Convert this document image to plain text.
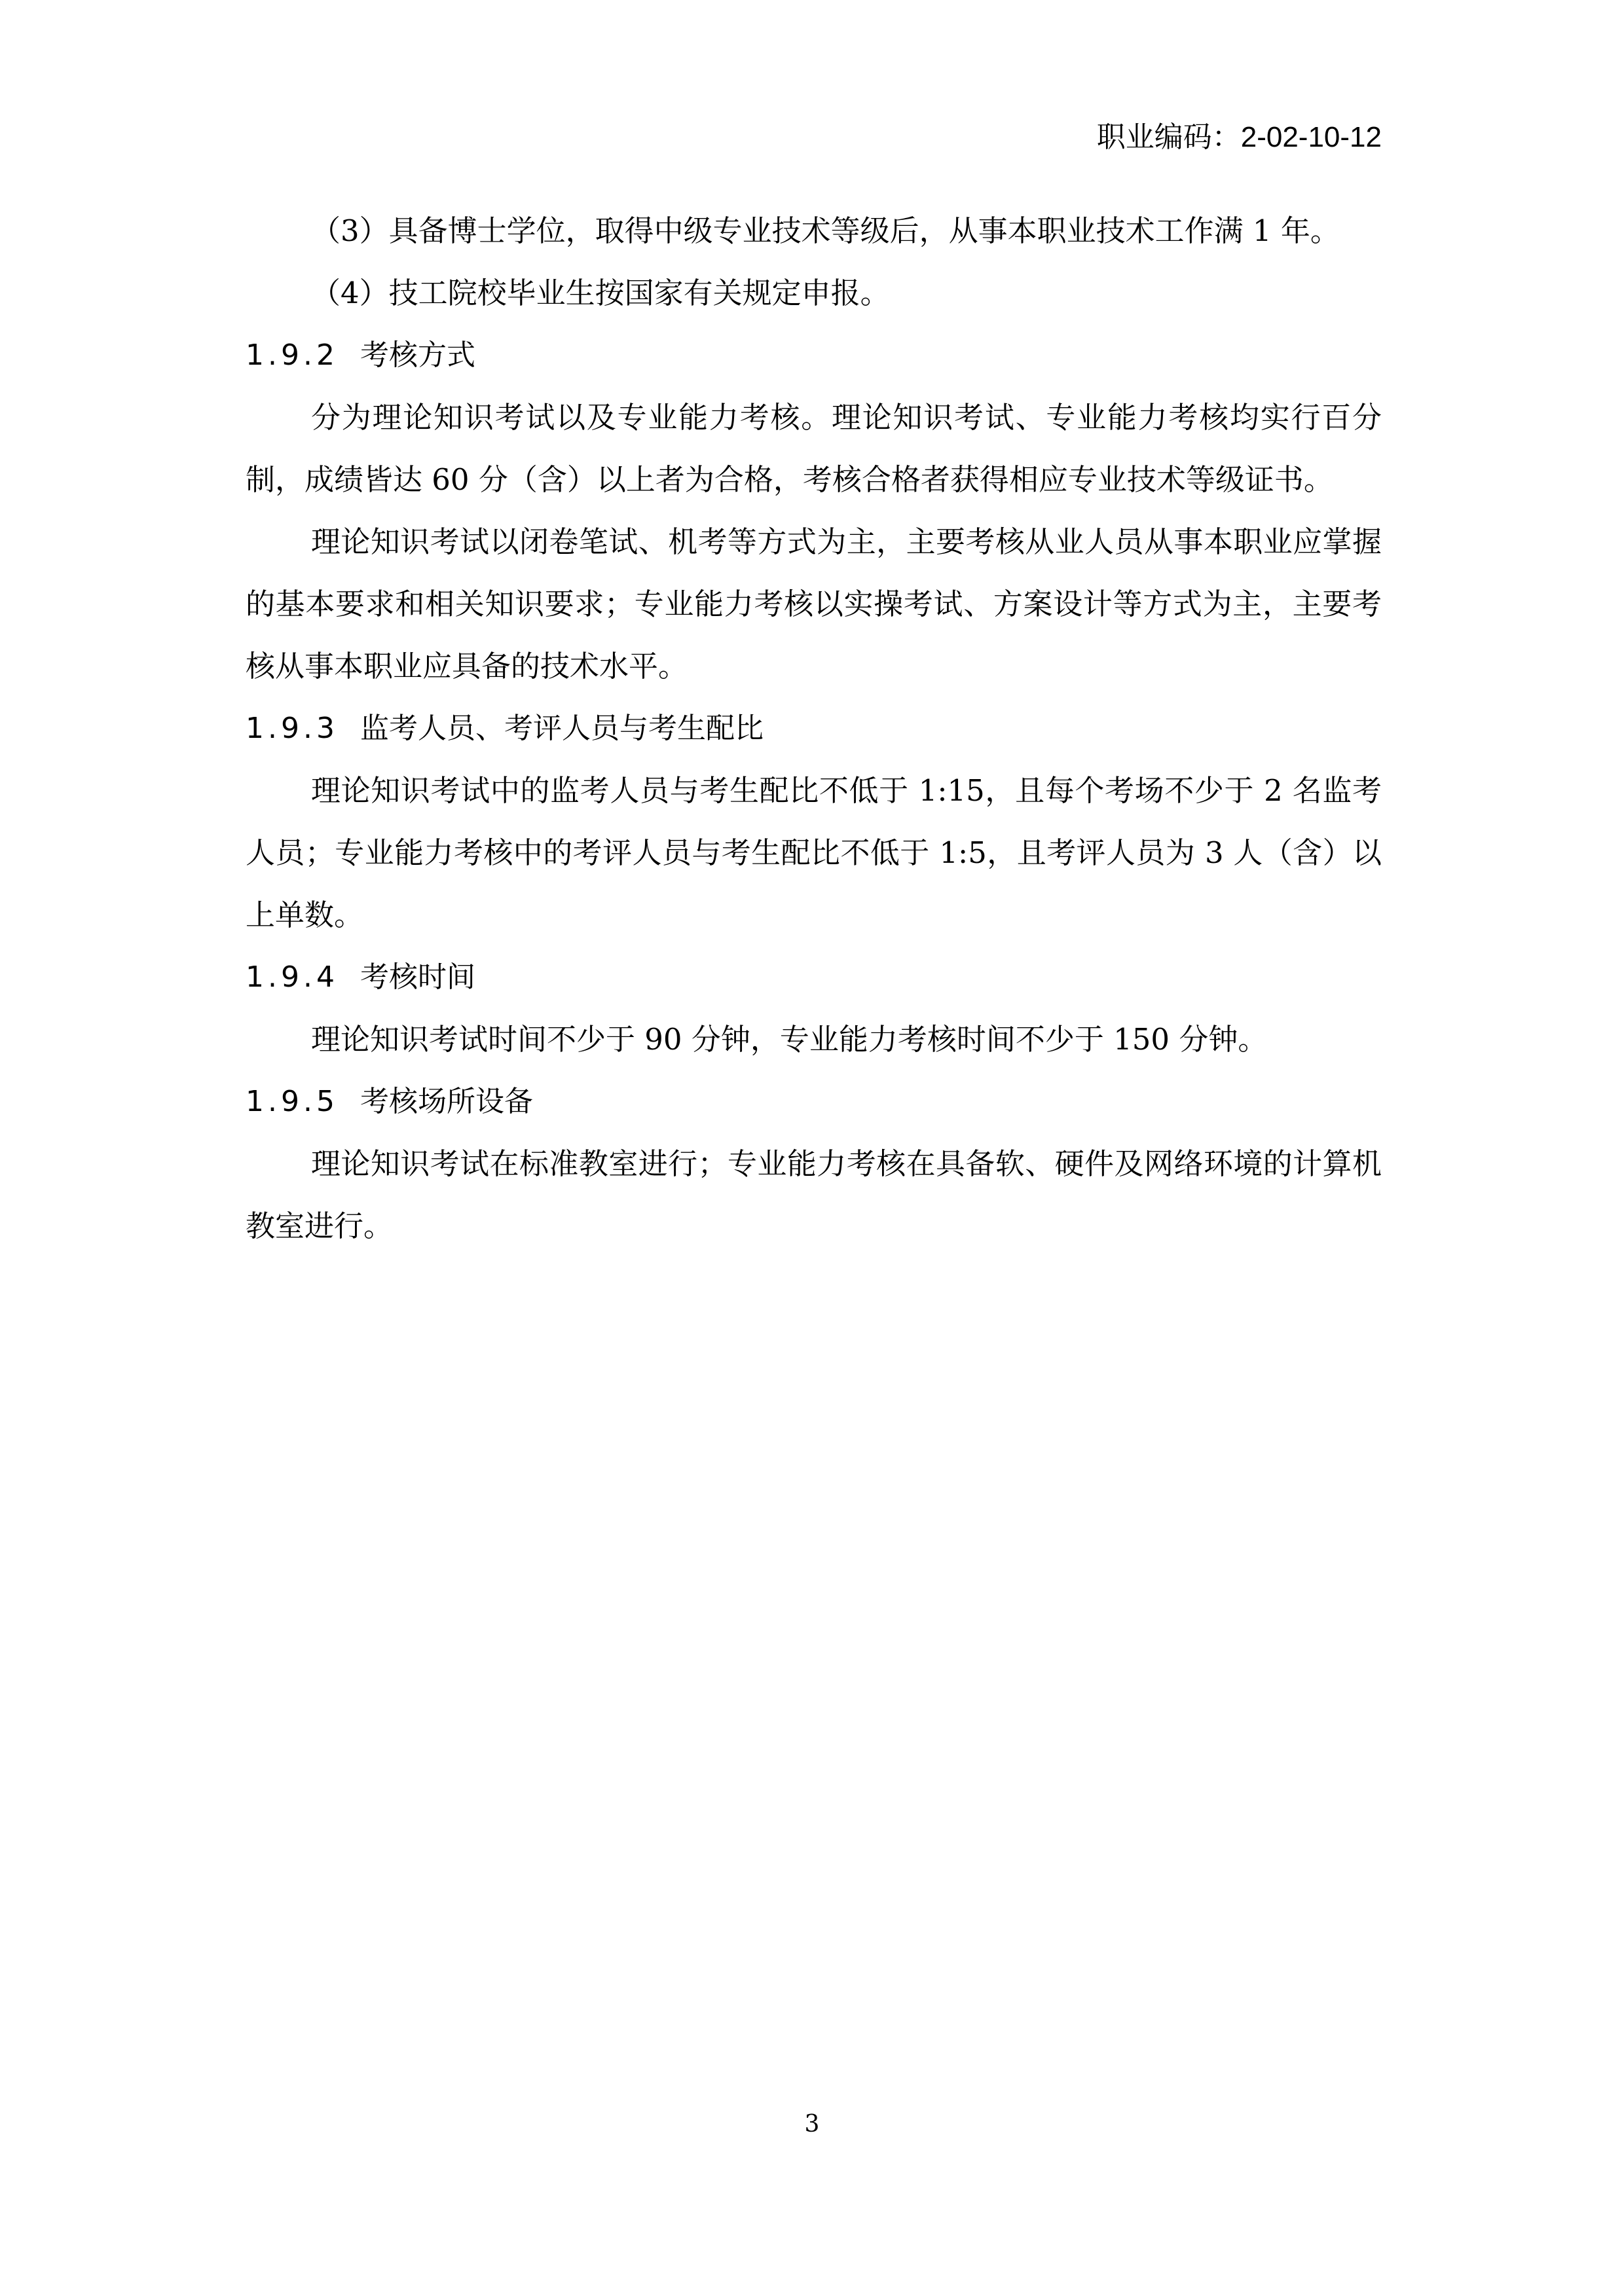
职业编码：2-02-10-12

（3）具备博士学位，取得中级专业技术等级后，从事本职业技术工作满 1 年。

（4）技工院校毕业生按国家有关规定申报。

1.9.2 考核方式

分为理论知识考试以及专业能力考核。理论知识考试、专业能力考核均实行百分制，成绩皆达 60 分（含）以上者为合格，考核合格者获得相应专业技术等级证书。

理论知识考试以闭卷笔试、机考等方式为主，主要考核从业人员从事本职业应掌握的基本要求和相关知识要求；专业能力考核以实操考试、方案设计等方式为主，主要考核从事本职业应具备的技术水平。

1.9.3 监考人员、考评人员与考生配比

理论知识考试中的监考人员与考生配比不低于 1:15，且每个考场不少于 2 名监考人员；专业能力考核中的考评人员与考生配比不低于 1:5，且考评人员为 3 人（含）以上单数。

1.9.4 考核时间

理论知识考试时间不少于 90 分钟，专业能力考核时间不少于 150 分钟。

1.9.5 考核场所设备

理论知识考试在标准教室进行；专业能力考核在具备软、硬件及网络环境的计算机教室进行。

3
